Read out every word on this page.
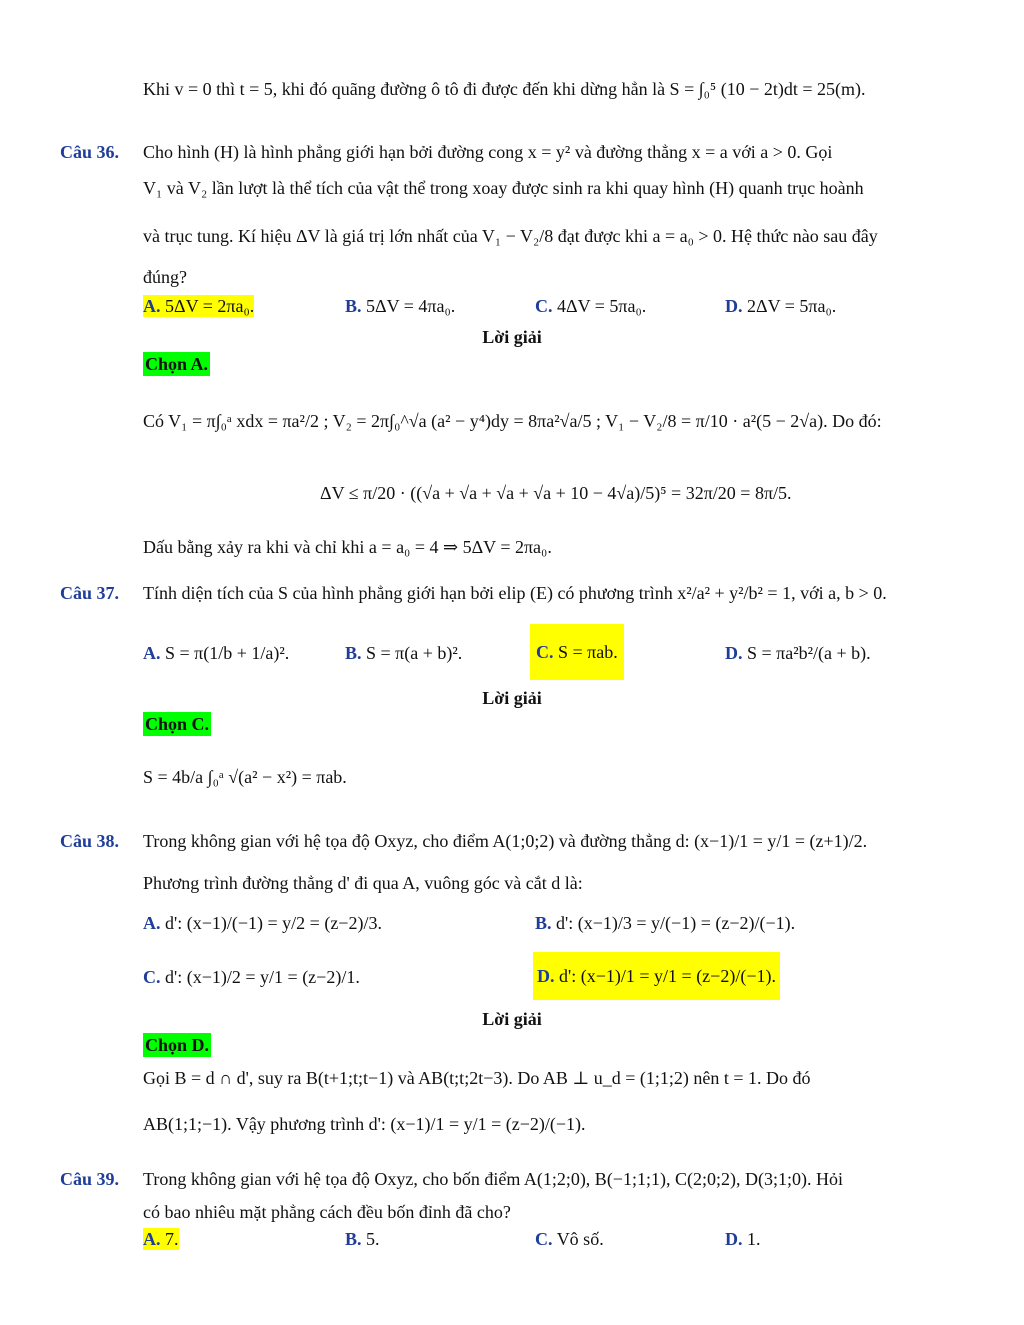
Khi v = 0 thì t = 5, khi đó quãng đường ô tô đi được đến khi dừng hẳn là S = ∫₀⁵ (10 − 2t)dt = 25(m).
Câu 36. Cho hình (H) là hình phẳng giới hạn bởi đường cong x = y² và đường thẳng x = a với a > 0. Gọi
V₁ và V₂ lần lượt là thể tích của vật thể trong xoay được sinh ra khi quay hình (H) quanh trục hoành
và trục tung. Kí hiệu ΔV là giá trị lớn nhất của V₁ − V₂/8 đạt được khi a = a₀ > 0. Hệ thức nào sau đây
đúng?
A. 5ΔV = 2πa₀.	B. 5ΔV = 4πa₀.	C. 4ΔV = 5πa₀.	D. 2ΔV = 5πa₀.
Lời giải
Chọn A.
Có V₁ = π∫₀ᵃ xdx = πa²/2 ; V₂ = 2π∫₀^√a (a² − y⁴)dy = 8πa²√a/5 ; V₁ − V₂/8 = π/10 · a²(5 − 2√a). Do đó:
ΔV ≤ π/20 · ((√a + √a + √a + √a + 10 − 4√a)/5)⁵ = 32π/20 = 8π/5.
Dấu bằng xảy ra khi và chỉ khi a = a₀ = 4 ⇒ 5ΔV = 2πa₀.
Câu 37. Tính diện tích của S của hình phẳng giới hạn bởi elip (E) có phương trình x²/a² + y²/b² = 1, với a, b > 0.
A. S = π(1/b + 1/a)².	B. S = π(a + b)².	C. S = πab.	D. S = πa²b²/(a + b).
Lời giải
Chọn C.
S = 4b/a ∫₀ᵃ √(a² − x²) = πab.
Câu 38. Trong không gian với hệ tọa độ Oxyz, cho điểm A(1;0;2) và đường thẳng d: (x−1)/1 = y/1 = (z+1)/2.
Phương trình đường thẳng d' đi qua A, vuông góc và cắt d là:
A. d': (x−1)/(−1) = y/2 = (z−2)/3.	B. d': (x−1)/3 = y/(−1) = (z−2)/(−1).
C. d': (x−1)/2 = y/1 = (z−2)/1.	D. d': (x−1)/1 = y/1 = (z−2)/(−1).
Lời giải
Chọn D.
Gọi B = d ∩ d', suy ra B(t+1;t;t−1) và AB(t;t;2t−3). Do AB ⊥ u_d = (1;1;2) nên t = 1. Do đó
AB(1;1;−1). Vậy phương trình d': (x−1)/1 = y/1 = (z−2)/(−1).
Câu 39. Trong không gian với hệ tọa độ Oxyz, cho bốn điểm A(1;2;0), B(−1;1;1), C(2;0;2), D(3;1;0). Hỏi
có bao nhiêu mặt phẳng cách đều bốn đỉnh đã cho?
A. 7.	B. 5.	C. Vô số.	D. 1.
